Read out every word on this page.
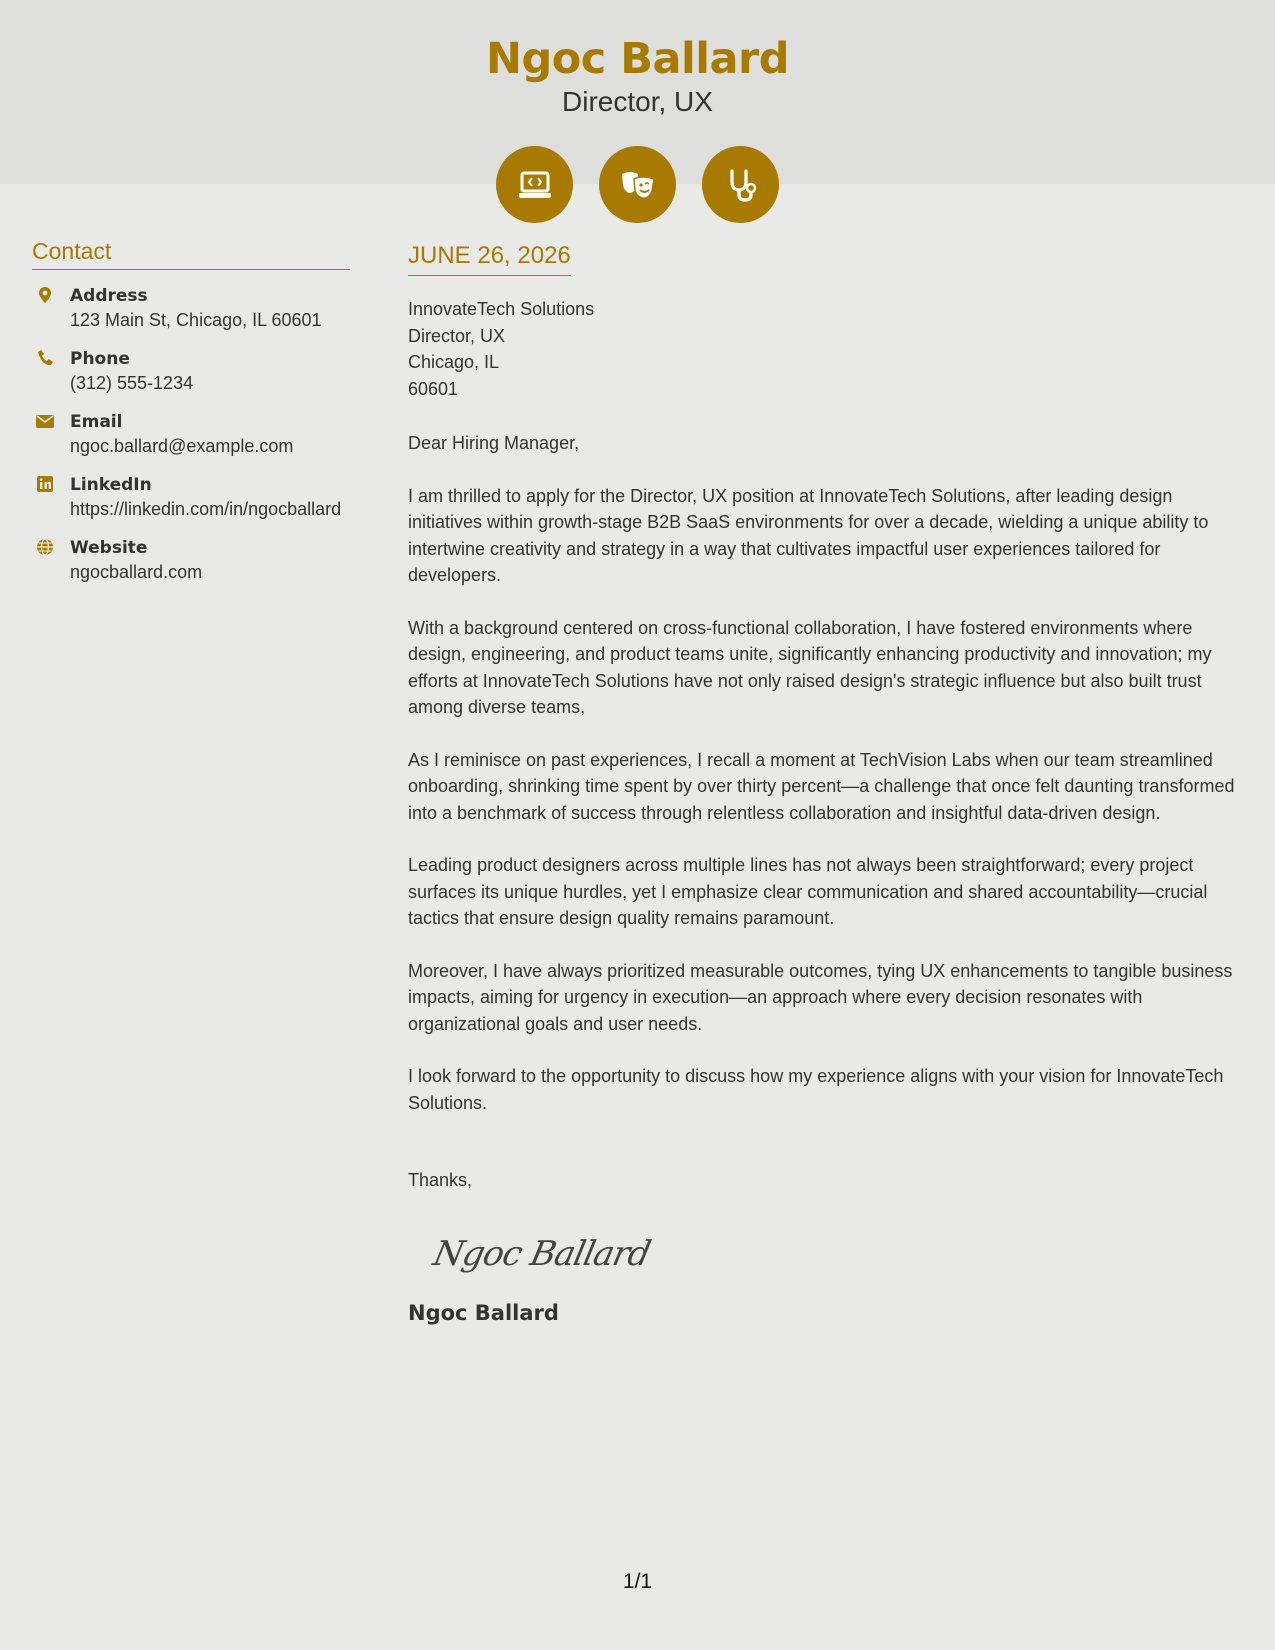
Ngoc Ballard
Director, UX
Contact
Address
123 Main St, Chicago, IL 60601
Phone
(312) 555-1234
Email
ngoc.ballard@example.com
LinkedIn
https://linkedin.com/in/ngocballard
Website
ngocballard.com
JUNE 26, 2026
InnovateTech Solutions
Director, UX
Chicago, IL
60601

Dear Hiring Manager,

I am thrilled to apply for the Director, UX position at InnovateTech Solutions, after leading design initiatives within growth-stage B2B SaaS environments for over a decade, wielding a unique ability to intertwine creativity and strategy in a way that cultivates impactful user experiences tailored for developers.

With a background centered on cross-functional collaboration, I have fostered environments where design, engineering, and product teams unite, significantly enhancing productivity and innovation; my efforts at InnovateTech Solutions have not only raised design's strategic influence but also built trust among diverse teams,

As I reminisce on past experiences, I recall a moment at TechVision Labs when our team streamlined onboarding, shrinking time spent by over thirty percent—a challenge that once felt daunting transformed into a benchmark of success through relentless collaboration and insightful data-driven design.

Leading product designers across multiple lines has not always been straightforward; every project surfaces its unique hurdles, yet I emphasize clear communication and shared accountability—crucial tactics that ensure design quality remains paramount.

Moreover, I have always prioritized measurable outcomes, tying UX enhancements to tangible business impacts, aiming for urgency in execution—an approach where every decision resonates with organizational goals and user needs.

I look forward to the opportunity to discuss how my experience aligns with your vision for InnovateTech Solutions.

Thanks,
Ngoc Ballard
Ngoc Ballard
1/1
